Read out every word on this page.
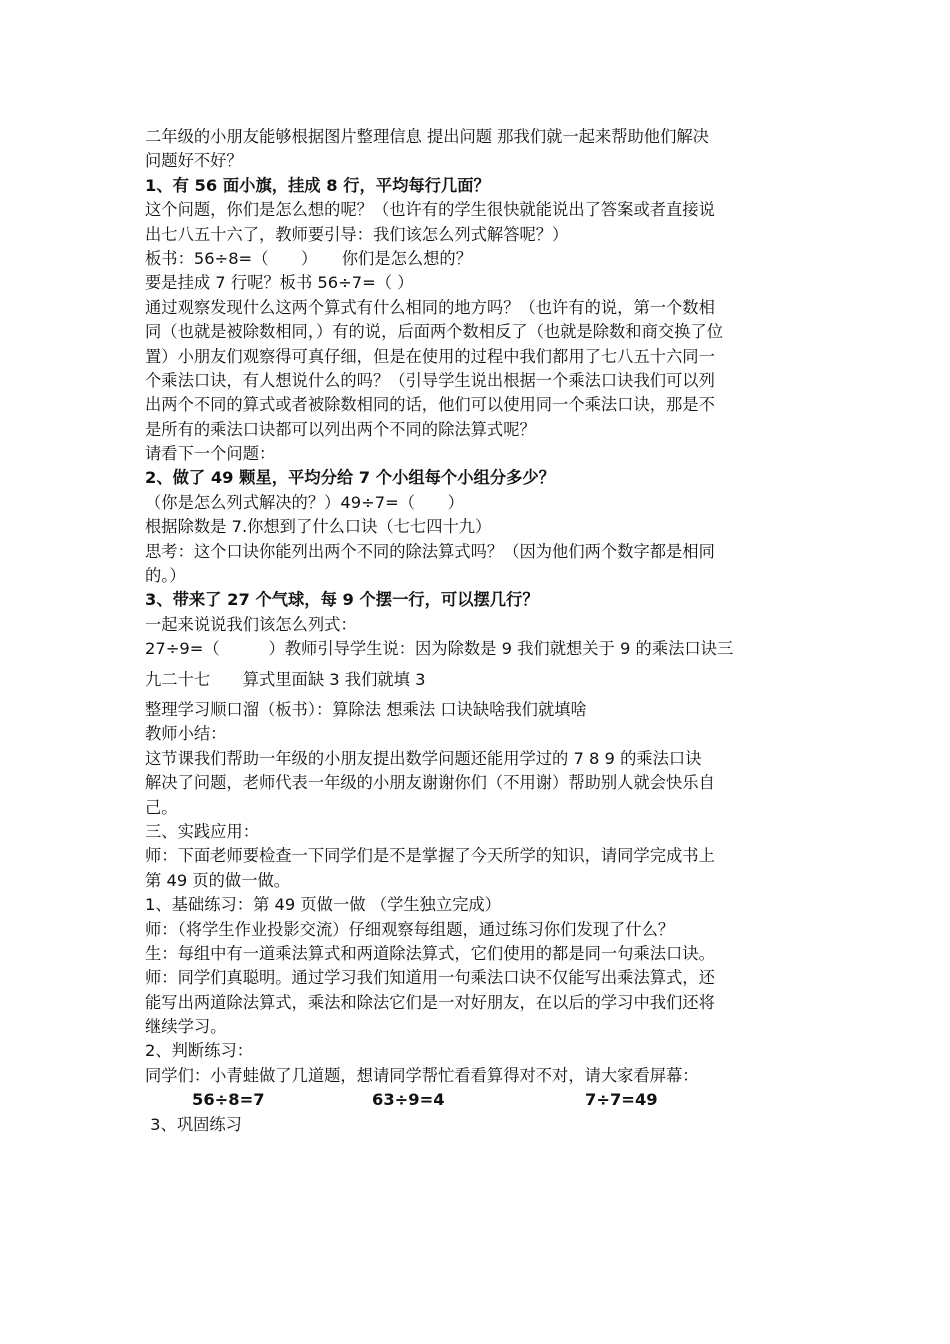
二年级的小朋友能够根据图片整理信息 提出问题 那我们就一起来帮助他们解决
问题好不好？
1、有 56 面小旗，挂成 8 行，平均每行几面？
这个问题，你们是怎么想的呢？（也许有的学生很快就能说出了答案或者直接说
出七八五十六了，教师要引导：我们该怎么列式解答呢？）
板书：56÷8=（　　）　　你们是怎么想的？
要是挂成 7 行呢？板书 56÷7=（ ）
通过观察发现什么这两个算式有什么相同的地方吗？（也许有的说，第一个数相
同（也就是被除数相同，）有的说，后面两个数相反了（也就是除数和商交换了位
置）小朋友们观察得可真仔细，但是在使用的过程中我们都用了七八五十六同一
个乘法口诀，有人想说什么的吗？（引导学生说出根据一个乘法口诀我们可以列
出两个不同的算式或者被除数相同的话，他们可以使用同一个乘法口诀，那是不
是所有的乘法口诀都可以列出两个不同的除法算式呢？
请看下一个问题：
2、做了 49 颗星，平均分给 7 个小组每个小组分多少？
（你是怎么列式解决的？）49÷7=（　　）
根据除数是 7.你想到了什么口诀（七七四十九）
思考：这个口诀你能列出两个不同的除法算式吗？（因为他们两个数字都是相同
的。）
3、带来了 27 个气球，每 9 个摆一行，可以摆几行？
一起来说说我们该怎么列式：
27÷9=（　　　）教师引导学生说：因为除数是 9 我们就想关于 9 的乘法口诀三
九二十七　　算式里面缺 3 我们就填 3
整理学习顺口溜（板书）：算除法 想乘法 口诀缺啥我们就填啥
教师小结：
这节课我们帮助一年级的小朋友提出数学问题还能用学过的 7 8 9 的乘法口诀
解决了问题，老师代表一年级的小朋友谢谢你们（不用谢）帮助别人就会快乐自
己。
三、实践应用：
师：下面老师要检查一下同学们是不是掌握了今天所学的知识，请同学完成书上
第 49 页的做一做。
1、基础练习：第 49 页做一做 （学生独立完成）
师：（将学生作业投影交流）仔细观察每组题，通过练习你们发现了什么？
生：每组中有一道乘法算式和两道除法算式，它们使用的都是同一句乘法口诀。
师：同学们真聪明。通过学习我们知道用一句乘法口诀不仅能写出乘法算式，还
能写出两道除法算式，乘法和除法它们是一对好朋友，在以后的学习中我们还将
继续学习。
2、判断练习：
同学们：小青蛙做了几道题，想请同学帮忙看看算得对不对，请大家看屏幕：
56÷8=7	63÷9=4	7÷7=49
3、巩固练习
